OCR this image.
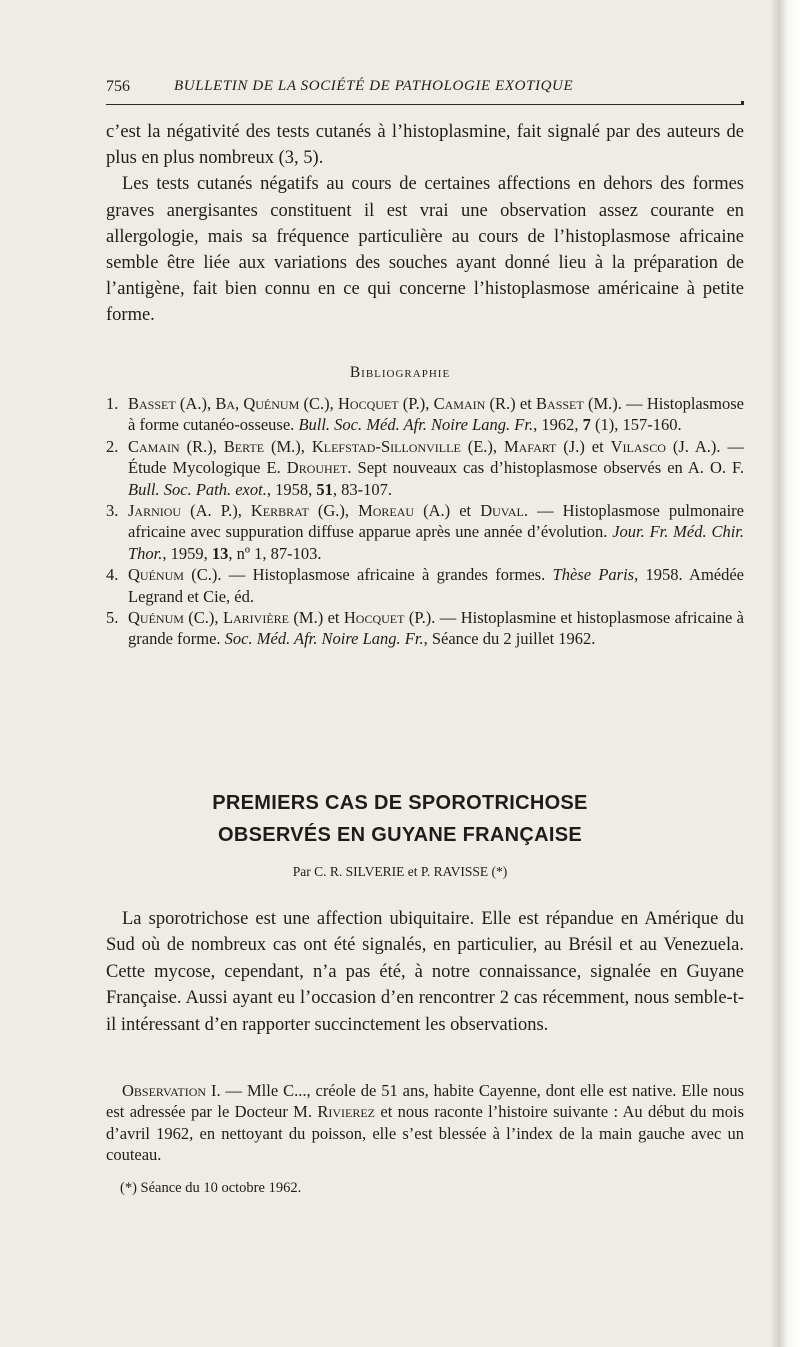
756	BULLETIN DE LA SOCIÉTÉ DE PATHOLOGIE EXOTIQUE

c’est la négativité des tests cutanés à l’histoplasmine, fait signalé par des auteurs de plus en plus nombreux (3, 5).

Les tests cutanés négatifs au cours de certaines affections en dehors des formes graves anergisantes constituent il est vrai une observation assez courante en allergologie, mais sa fréquence particulière au cours de l’histoplasmose africaine semble être liée aux variations des souches ayant donné lieu à la préparation de l’antigène, fait bien connu en ce qui concerne l’histoplasmose américaine à petite forme.

Bibliographie
1. Basset (A.), Ba, Quénum (C.), Hocquet (P.), Camain (R.) et Basset (M.). — Histoplasmose à forme cutanéo-osseuse. Bull. Soc. Méd. Afr. Noire Lang. Fr., 1962, 7 (1), 157-160.
2. Camain (R.), Berte (M.), Klefstad-Sillonville (E.), Mafart (J.) et Vilasco (J. A.). — Étude Mycologique E. Drouhet. Sept nouveaux cas d’histoplasmose observés en A. O. F. Bull. Soc. Path. exot., 1958, 51, 83-107.
3. Jarniou (A. P.), Kerbrat (G.), Moreau (A.) et Duval. — Histoplasmose pulmonaire africaine avec suppuration diffuse apparue après une année d’évolution. Jour. Fr. Méd. Chir. Thor., 1959, 13, nº 1, 87-103.
4. Quénum (C.). — Histoplasmose africaine à grandes formes. Thèse Paris, 1958. Amédée Legrand et Cie, éd.
5. Quénum (C.), Larivière (M.) et Hocquet (P.). — Histoplasmine et histoplasmose africaine à grande forme. Soc. Méd. Afr. Noire Lang. Fr., Séance du 2 juillet 1962.
PREMIERS CAS DE SPOROTRICHOSE
OBSERVÉS EN GUYANE FRANÇAISE
Par C. R. SILVERIE et P. RAVISSE (*)
La sporotrichose est une affection ubiquitaire. Elle est répandue en Amérique du Sud où de nombreux cas ont été signalés, en particulier, au Brésil et au Venezuela. Cette mycose, cependant, n’a pas été, à notre connaissance, signalée en Guyane Française. Aussi ayant eu l’occasion d’en rencontrer 2 cas récemment, nous semble-t-il intéressant d’en rapporter succinctement les observations.
Observation I. — Mlle C..., créole de 51 ans, habite Cayenne, dont elle est native. Elle nous est adressée par le Docteur M. Rivierez et nous raconte l’histoire suivante : Au début du mois d’avril 1962, en nettoyant du poisson, elle s’est blessée à l’index de la main gauche avec un couteau.
(*) Séance du 10 octobre 1962.
